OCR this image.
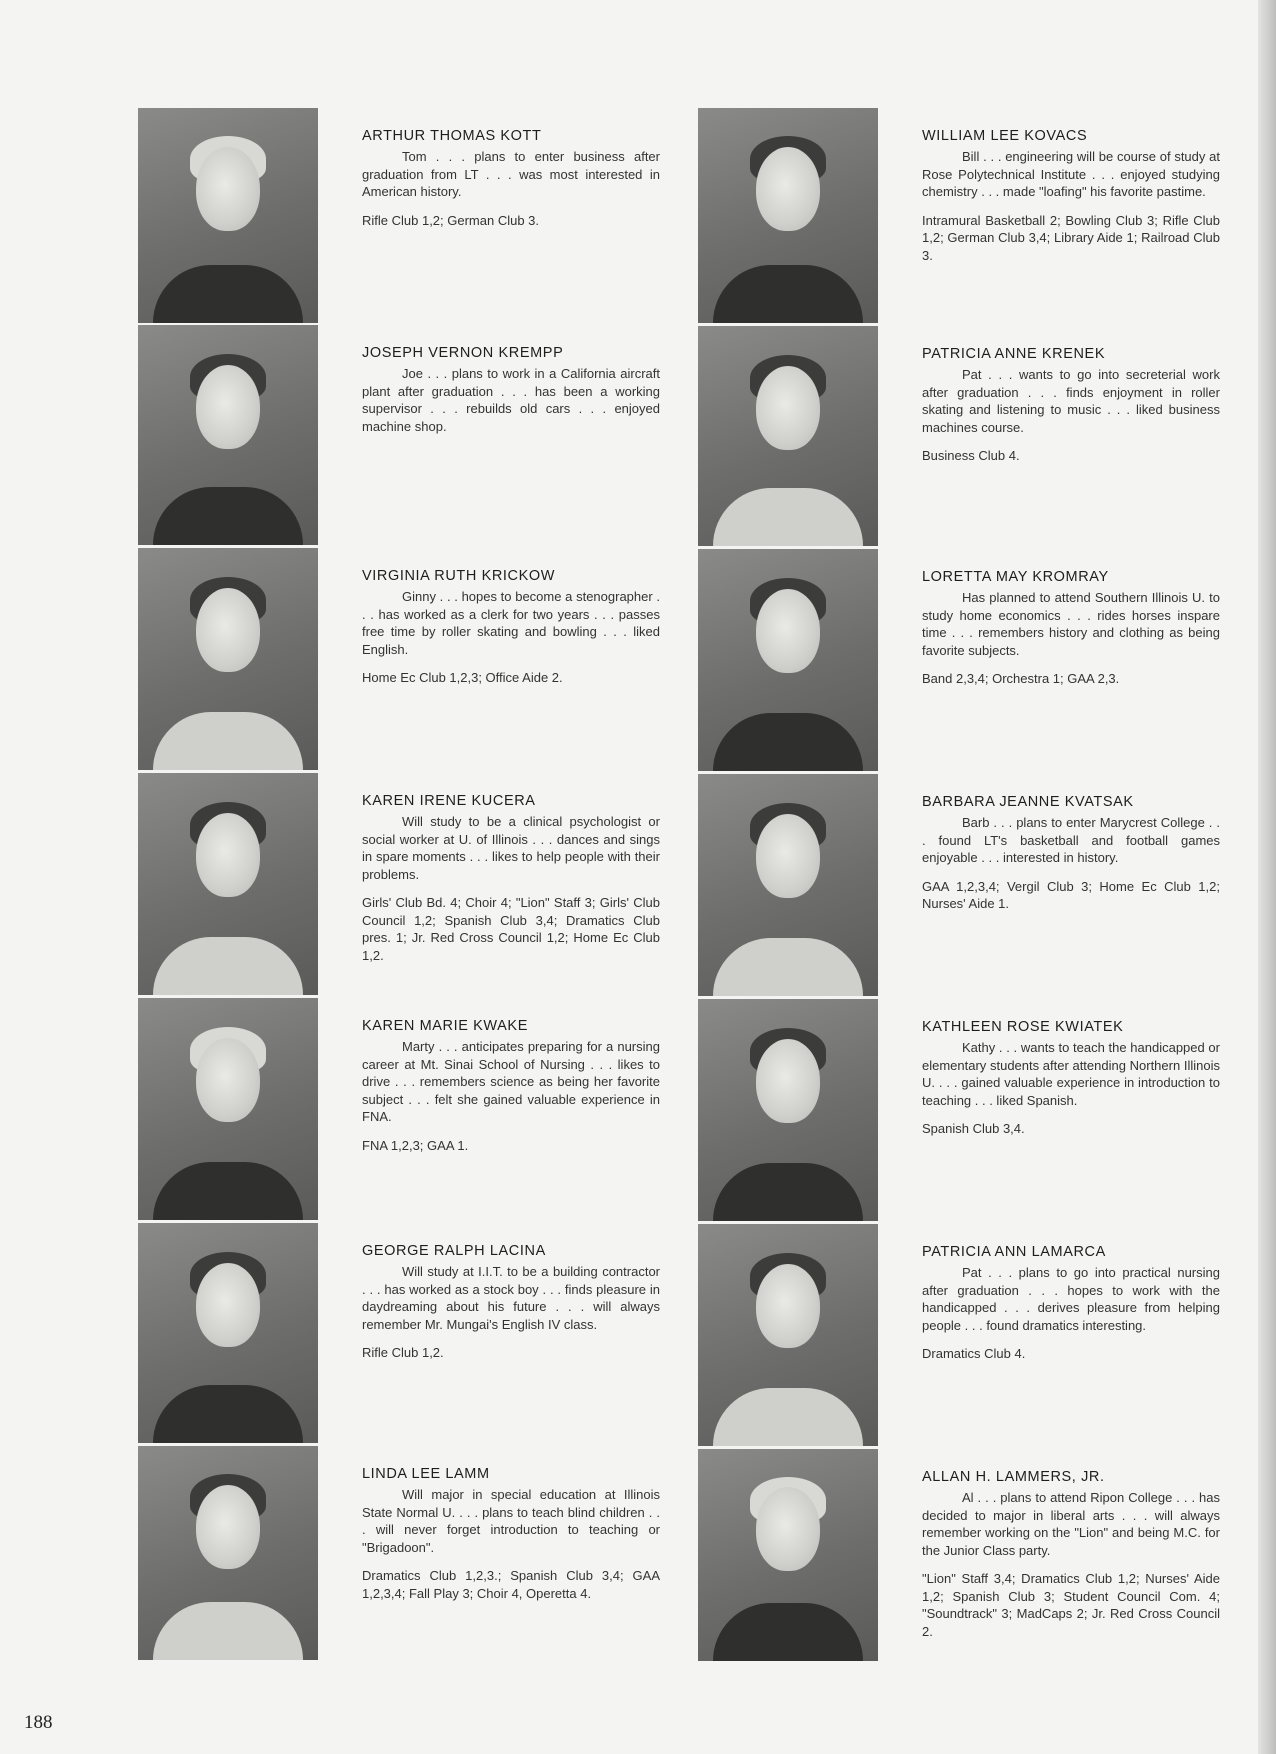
ARTHUR THOMAS KOTT

Tom . . . plans to enter business after graduation from LT . . . was most interested in American history.

Rifle Club 1,2; German Club 3.

JOSEPH VERNON KREMPP

Joe . . . plans to work in a California aircraft plant after graduation . . . has been a working supervisor . . . rebuilds old cars . . . enjoyed machine shop.

VIRGINIA RUTH KRICKOW

Ginny . . . hopes to become a stenographer . . . has worked as a clerk for two years . . . passes free time by roller skating and bowling . . . liked English.

Home Ec Club 1,2,3; Office Aide 2.

KAREN IRENE KUCERA

Will study to be a clinical psychologist or social worker at U. of Illinois . . . dances and sings in spare moments . . . likes to help people with their problems.

Girls' Club Bd. 4; Choir 4; "Lion" Staff 3; Girls' Club Council 1,2; Spanish Club 3,4; Dramatics Club pres. 1; Jr. Red Cross Council 1,2; Home Ec Club 1,2.

KAREN MARIE KWAKE

Marty . . . anticipates preparing for a nursing career at Mt. Sinai School of Nursing . . . likes to drive . . . remembers science as being her favorite subject . . . felt she gained valuable experience in FNA.

FNA 1,2,3; GAA 1.

GEORGE RALPH LACINA

Will study at I.I.T. to be a building contractor . . . has worked as a stock boy . . . finds pleasure in daydreaming about his future . . . will always remember Mr. Mungai's English IV class.

Rifle Club 1,2.

LINDA LEE LAMM

Will major in special education at Illinois State Normal U. . . . plans to teach blind children . . . will never forget introduction to teaching or "Brigadoon".

Dramatics Club 1,2,3.; Spanish Club 3,4; GAA 1,2,3,4; Fall Play 3; Choir 4, Operetta 4.

WILLIAM LEE KOVACS

Bill . . . engineering will be course of study at Rose Polytechnical Institute . . . enjoyed studying chemistry . . . made "loafing" his favorite pastime.

Intramural Basketball 2; Bowling Club 3; Rifle Club 1,2; German Club 3,4; Library Aide 1; Railroad Club 3.

PATRICIA ANNE KRENEK

Pat . . . wants to go into secreterial work after graduation . . . finds enjoyment in roller skating and listening to music . . . liked business machines course.

Business Club 4.

LORETTA MAY KROMRAY

Has planned to attend Southern Illinois U. to study home economics . . . rides horses inspare time . . . remembers history and clothing as being favorite subjects.

Band 2,3,4; Orchestra 1; GAA 2,3.

BARBARA JEANNE KVATSAK

Barb . . . plans to enter Marycrest College . . . found LT's basketball and football games enjoyable . . . interested in history.

GAA 1,2,3,4; Vergil Club 3; Home Ec Club 1,2; Nurses' Aide 1.

KATHLEEN ROSE KWIATEK

Kathy . . . wants to teach the handicapped or elementary students after attending Northern Illinois U. . . . gained valuable experience in introduction to teaching . . . liked Spanish.

Spanish Club 3,4.

PATRICIA ANN LAMARCA

Pat . . . plans to go into practical nursing after graduation . . . hopes to work with the handicapped . . . derives pleasure from helping people . . . found dramatics interesting.

Dramatics Club 4.

ALLAN H. LAMMERS, JR.

Al . . . plans to attend Ripon College . . . has decided to major in liberal arts . . . will always remember working on the "Lion" and being M.C. for the Junior Class party.

"Lion" Staff 3,4; Dramatics Club 1,2; Nurses' Aide 1,2; Spanish Club 3; Student Council Com. 4; "Soundtrack" 3; MadCaps 2; Jr. Red Cross Council 2.

188
